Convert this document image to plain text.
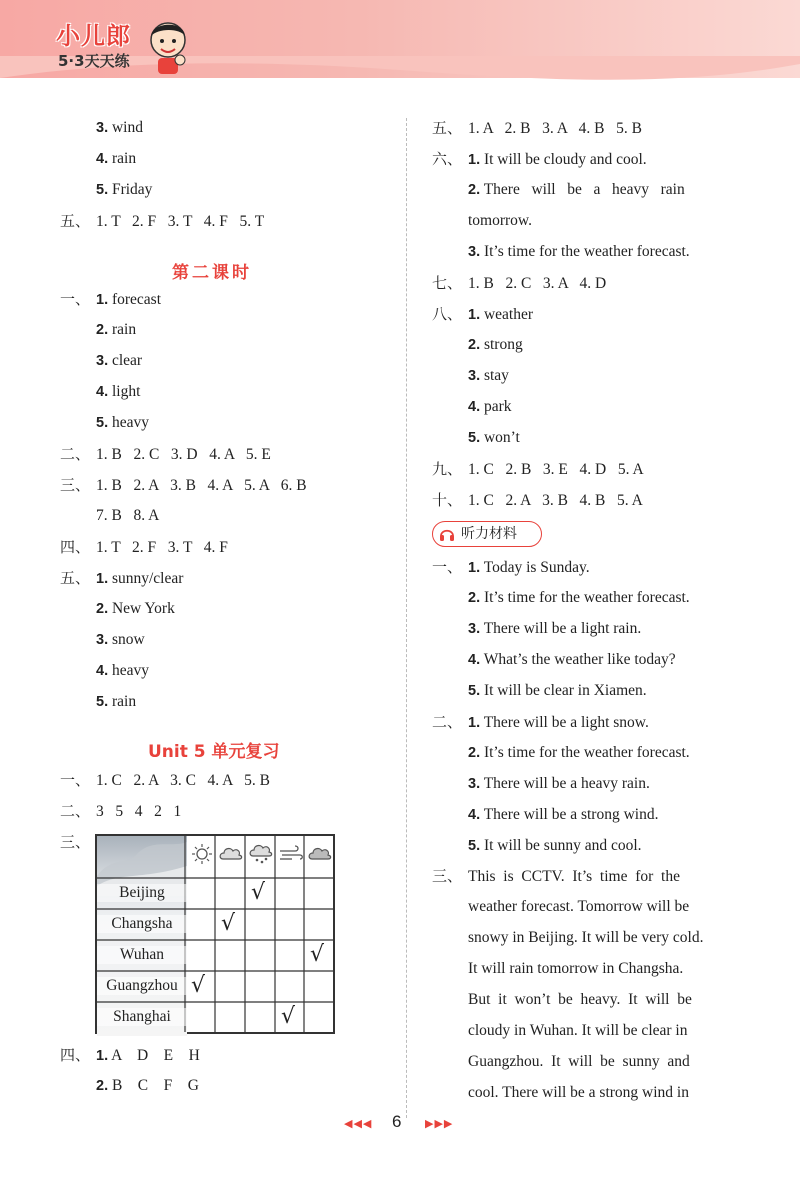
小儿郎
5·3天天练
3. wind
4. rain
5. Friday
五、 1. T   2. F   3. T   4. F   5. T
一、 1. forecast
2. rain
3. clear
4. light
5. heavy
二、 1. B   2. C   3. D   4. A   5. E
三、 1. B   2. A   3. B   4. A   5. A   6. B
7. B   8. A
四、 1. T   2. F   3. T   4. F
五、 1. sunny/clear
2. New York
3. snow
4. heavy
5. rain
一、 1. C   2. A   3. C   4. A   5. B
二、 3   5   4   2   1
三、
四、 1. A    D    E    H
2. B    C    F    G
第二课时
Unit 5 单元复习
Beijing
Changsha
Wuhan
Guangzhou
Shanghai
√
√
√
√
√
五、 1. A   2. B   3. A   4. B   5. B
六、 1. It will be cloudy and cool.
2. There   will   be   a   heavy   rain
tomorrow.
3. It’s time for the weather forecast.
七、 1. B   2. C   3. A   4. D
八、 1. weather
2. strong
3. stay
4. park
5. won’t
九、 1. C   2. B   3. E   4. D   5. A
十、 1. C   2. A   3. B   4. B   5. A
一、 1. Today is Sunday.
2. It’s time for the weather forecast.
3. There will be a light rain.
4. What’s the weather like today?
5. It will be clear in Xiamen.
二、 1. There will be a light snow.
2. It’s time for the weather forecast.
3. There will be a heavy rain.
4. There will be a strong wind.
5. It will be sunny and cool.
三、 This  is  CCTV.  It’s  time  for  the
weather forecast. Tomorrow will be
snowy in Beijing. It will be very cold.
It will rain tomorrow in Changsha.
But  it  won’t  be  heavy.  It  will  be
cloudy in Wuhan. It will be clear in
Guangzhou.  It  will  be  sunny  and
cool. There will be a strong wind in
听力材料
◀◀◀ 6 ▶▶▶
